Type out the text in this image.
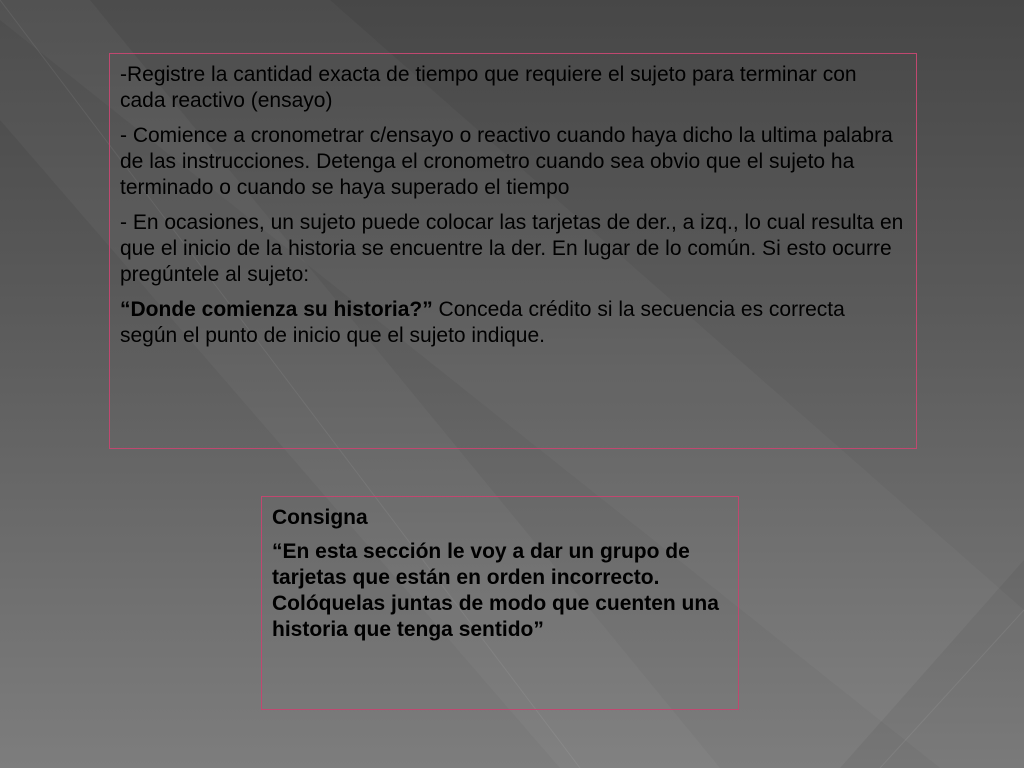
-Registre la cantidad exacta de tiempo que requiere el sujeto para terminar con cada reactivo (ensayo)

- Comience a cronometrar c/ensayo o reactivo cuando haya dicho la ultima palabra de las instrucciones. Detenga el cronometro cuando sea obvio que el sujeto ha terminado o cuando se haya superado el tiempo

- En ocasiones, un sujeto puede colocar las tarjetas de der., a izq., lo cual resulta en que el inicio de la historia se encuentre la der. En lugar de lo común. Si esto ocurre pregúntele al sujeto:

“Donde comienza su historia?” Conceda crédito si la secuencia es correcta según el punto de inicio que el sujeto indique.

Consigna

“En esta sección le voy a dar un grupo de tarjetas que están en orden incorrecto. Colóquelas juntas de modo que cuenten una historia que tenga sentido”
